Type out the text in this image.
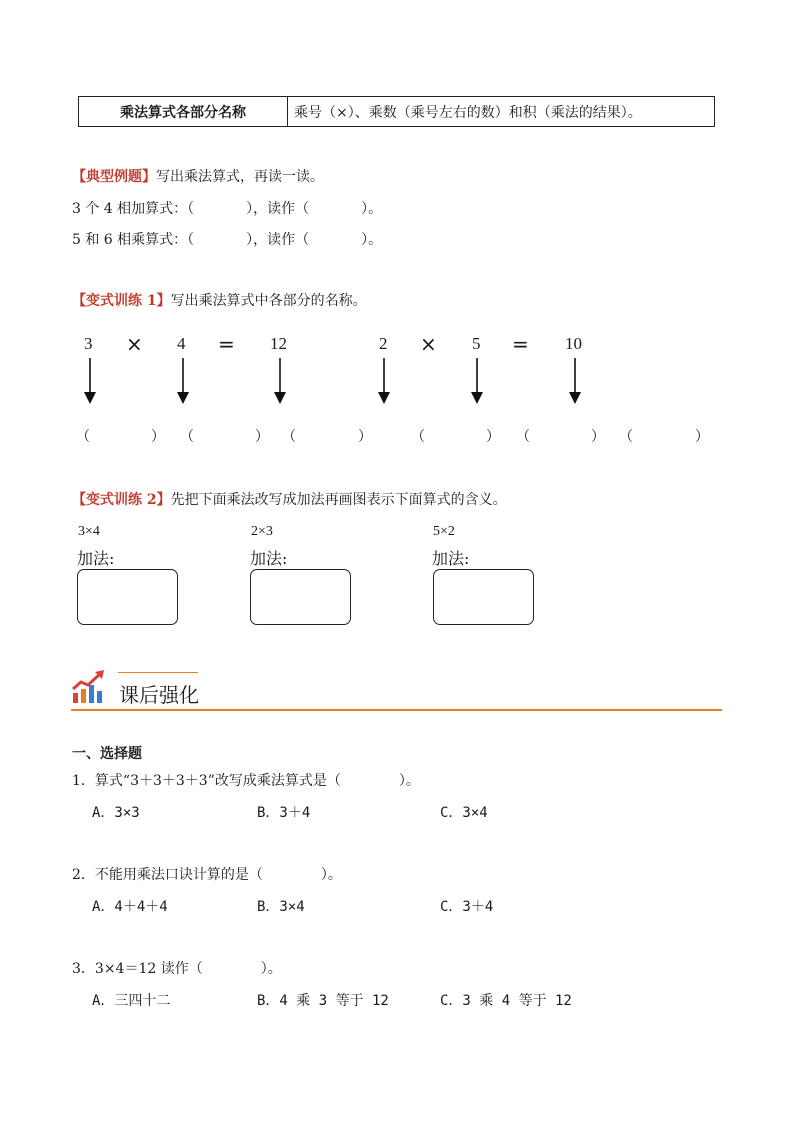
乘法算式各部分名称	乘号（×）、乘数（乘号左右的数）和积（乘法的结果）。
【典型例题】写出乘法算式，再读一读。
3 个 4 相加算式：（	），读作（	）。
5 和 6 相乘算式：（	），读作（	）。
【变式训练 1】写出乘法算式中各部分的名称。
3 × 4 = 12	2 × 5 = 10
（	） （	） （	）	（	） （	） （	）
【变式训练 2】先把下面乘法改写成加法再画图表示下面算式的含义。
3×4
加法:
2×3
加法:
5×2
加法:
课后强化
一、选择题
1．算式“3＋3＋3＋3”改写成乘法算式是（	）。
A．3×3	B．3＋4	C．3×4
2．不能用乘法口诀计算的是（	）。
A．4＋4＋4	B．3×4	C．3＋4
3．3×4＝12 读作（	）。
A．三四十二	B．4 乘 3 等于 12	C．3 乘 4 等于 12
